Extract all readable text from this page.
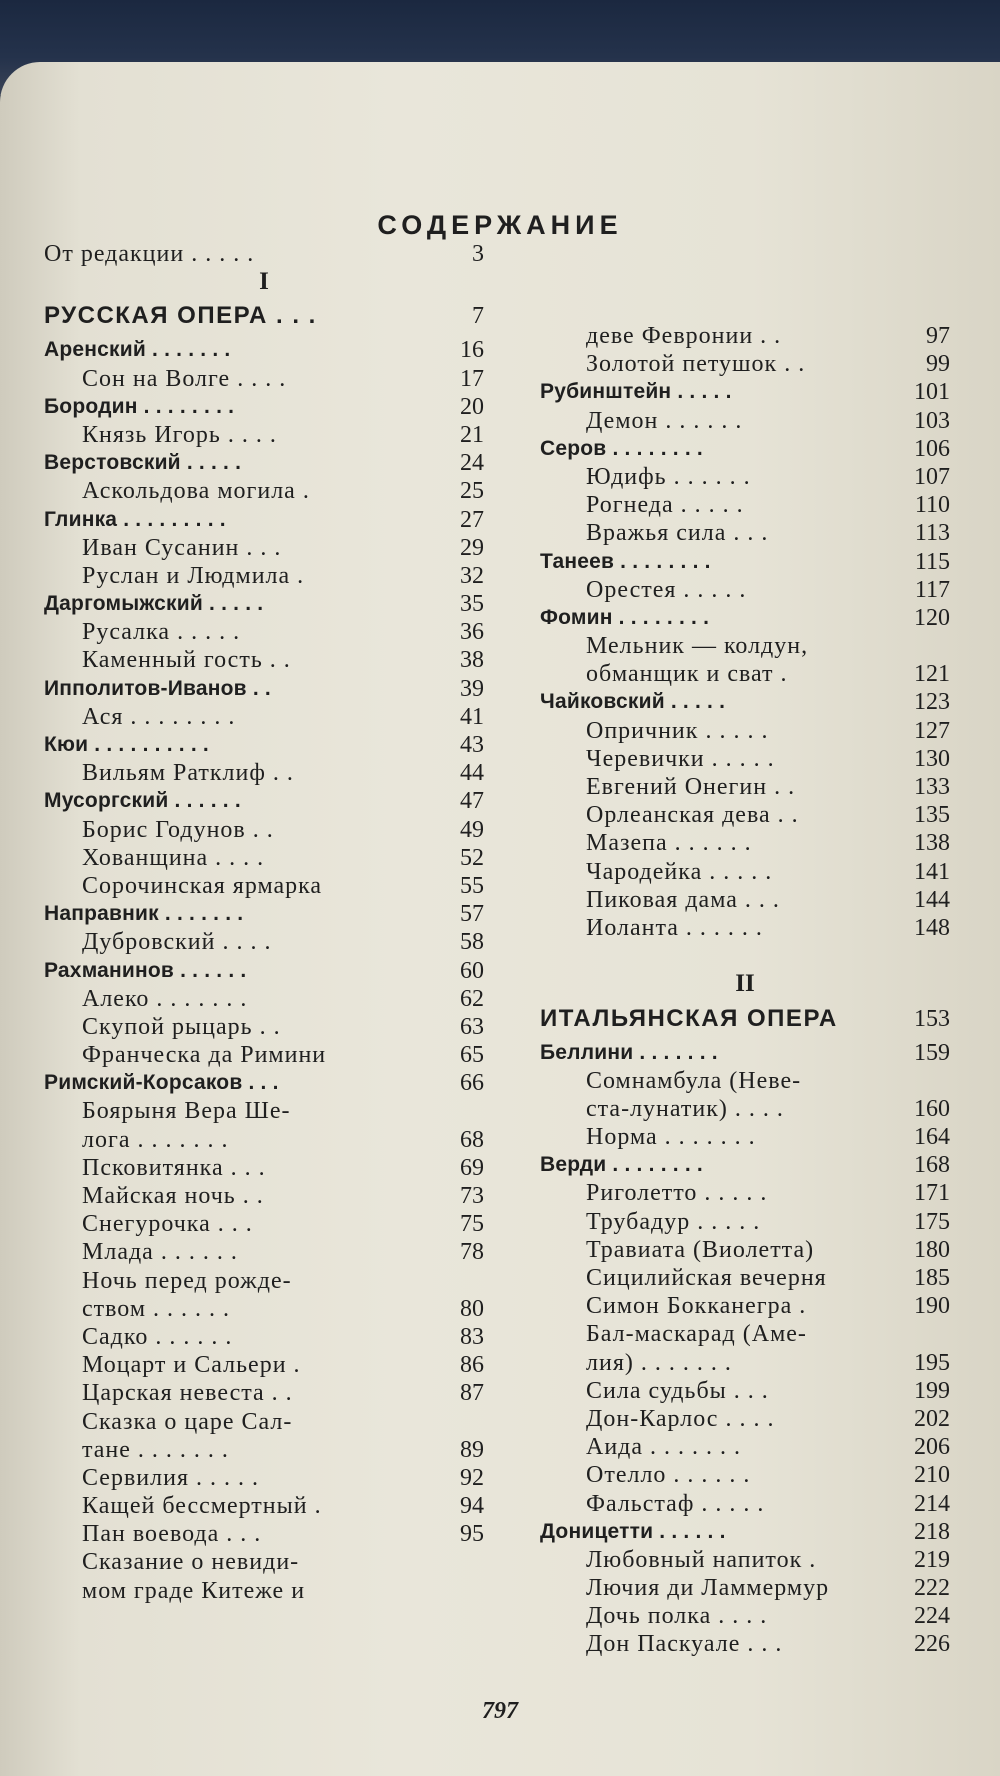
СОДЕРЖАНИЕ
От редакции . . . . .	3
I
РУССКАЯ ОПЕРА . . .	7
Аренский . . . . . . .	16
Сон на Волге . . . .	17
Бородин . . . . . . . .	20
Князь Игорь . . . .	21
Верстовский . . . . .	24
Аскольдова могила .	25
Глинка . . . . . . . . .	27
Иван Сусанин . . .	29
Руслан и Людмила .	32
Даргомыжский . . . . .	35
Русалка . . . . .	36
Каменный гость . .	38
Ипполитов-Иванов . .	39
Ася . . . . . . . .	41
Кюи . . . . . . . . . .	43
Вильям Ратклиф . .	44
Мусоргский . . . . . .	47
Борис Годунов . .	49
Хованщина . . . .	52
Сорочинская ярмарка	55
Направник . . . . . . .	57
Дубровский . . . .	58
Рахманинов . . . . . .	60
Алеко . . . . . . .	62
Скупой рыцарь . .	63
Франческа да Римини	65
Римский-Корсаков . . .	66
Боярыня Вера Ше-
лога . . . . . . .	68
Псковитянка . . .	69
Майская ночь . .	73
Снегурочка . . .	75
Млада . . . . . .	78
Ночь перед рожде-
ством . . . . . .	80
Садко . . . . . .	83
Моцарт и Сальери .	86
Царская невеста . .	87
Сказка о царе Сал-
тане . . . . . . .	89
Сервилия . . . . .	92
Кащей бессмертный .	94
Пан воевода . . .	95
Сказание о невиди-
мом граде Китеже и
деве Февронии . .	97
Золотой петушок . .	99
Рубинштейн . . . . .	101
Демон . . . . . .	103
Серов . . . . . . . .	106
Юдифь . . . . . .	107
Рогнеда . . . . .	110
Вражья сила . . .	113
Танеев . . . . . . . .	115
Орестея . . . . .	117
Фомин . . . . . . . .	120
Мельник — колдун,
обманщик и сват .	121
Чайковский . . . . .	123
Опричник . . . . .	127
Черевички . . . . .	130
Евгений Онегин . .	133
Орлеанская дева . .	135
Мазепа . . . . . .	138
Чародейка . . . . .	141
Пиковая дама . . .	144
Иоланта . . . . . .	148
II
ИТАЛЬЯНСКАЯ ОПЕРА	153
Беллини . . . . . . .	159
Сомнамбула (Неве-
ста-лунатик) . . . .	160
Норма . . . . . . .	164
Верди . . . . . . . .	168
Риголетто . . . . .	171
Трубадур . . . . .	175
Травиата (Виолетта)	180
Сицилийская вечерня	185
Симон Бокканегра .	190
Бал-маскарад (Аме-
лия) . . . . . . .	195
Сила судьбы . . .	199
Дон-Карлос . . . .	202
Аида . . . . . . .	206
Отелло . . . . . .	210
Фальстаф . . . . .	214
Доницетти . . . . . .	218
Любовный напиток .	219
Лючия ди Ламмермур	222
Дочь полка . . . .	224
Дон Паскуале . . .	226
797
